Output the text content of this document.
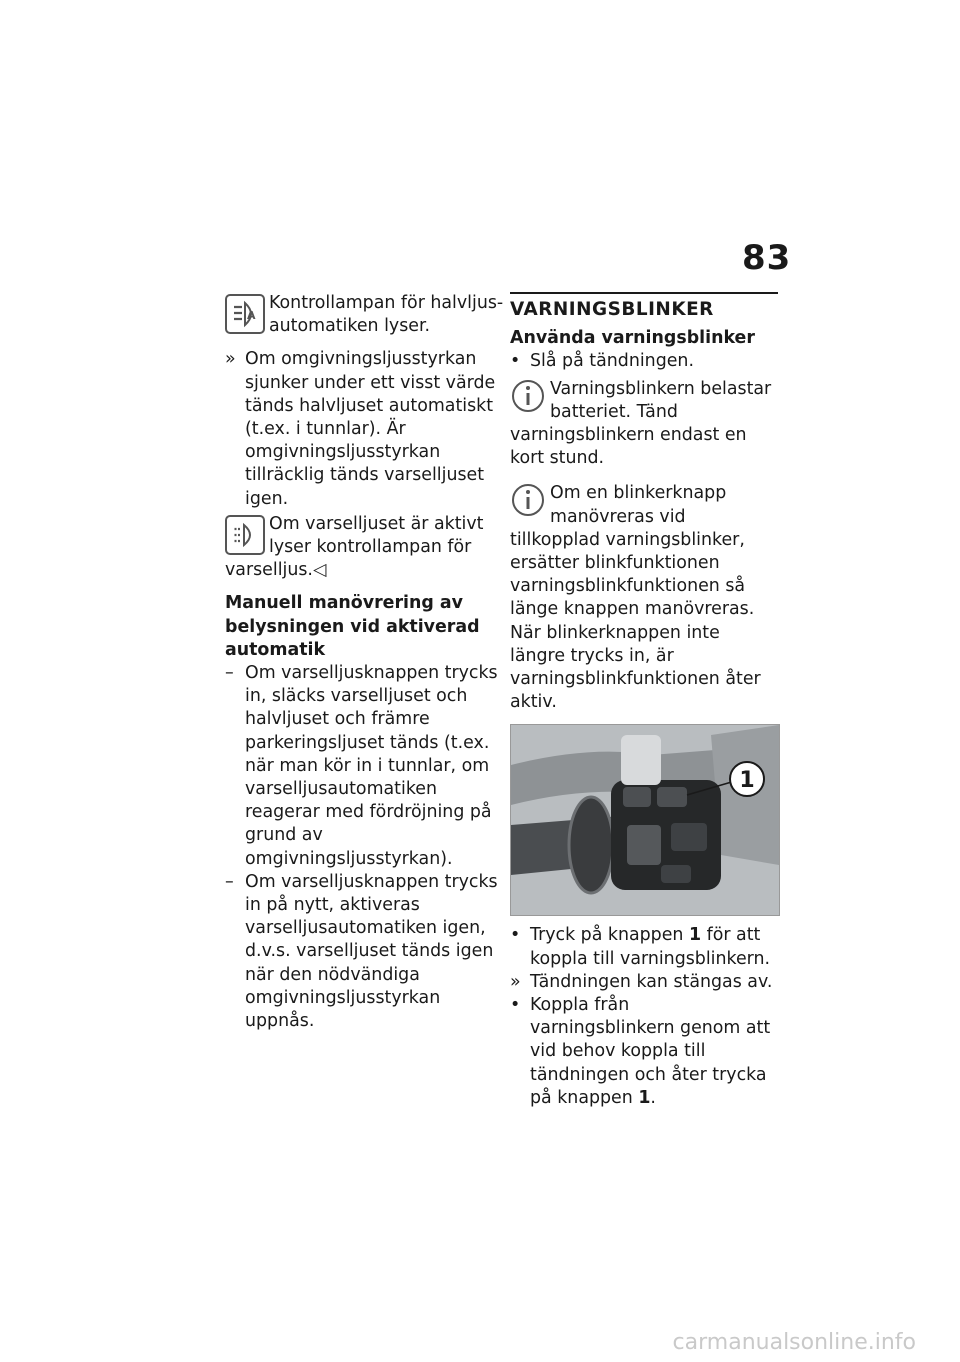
83
A

Kontrollampan för halvljus-automatiken lyser.

» Om omgivningsljusstyrkan sjunker under ett visst värde tänds halvljuset automatiskt (t.ex. i tunnlar). Är omgivningsljusstyrkan tillräcklig tänds varselljuset igen.

Om varselljuset är aktivt lyser kontrollampan för varselljus.◁

Manuell manövrering av belysningen vid aktiverad automatik

– Om varselljusknappen trycks in, släcks varselljuset och halvljuset och främre parkeringsljuset tänds (t.ex. när man kör in i tunnlar, om varselljusautomatiken reagerar med fördröjning på grund av omgivningsljusstyrkan).
– Om varselljusknappen trycks in på nytt, aktiveras varselljusautomatiken igen, d.v.s. varselljuset tänds igen när den nödvändiga omgivningsljusstyrkan uppnås.

VARNINGSBLINKER

Använda varningsblinker

• Slå på tändningen.

Varningsblinkern belastar batteriet. Tänd varningsblinkern endast en kort stund.

Om en blinkerknapp manövreras vid tillkopplad varningsblinker, ersätter blinkfunktionen varningsblinkfunktionen så länge knappen manövreras. När blinkerknappen inte längre trycks in, är varningsblinkfunktionen åter aktiv.

1
• Tryck på knappen 1 för att koppla till varningsblinkern.
» Tändningen kan stängas av.
• Koppla från varningsblinkern genom att vid behov koppla till tändningen och åter trycka på knappen 1.
carmanualsonline.info
